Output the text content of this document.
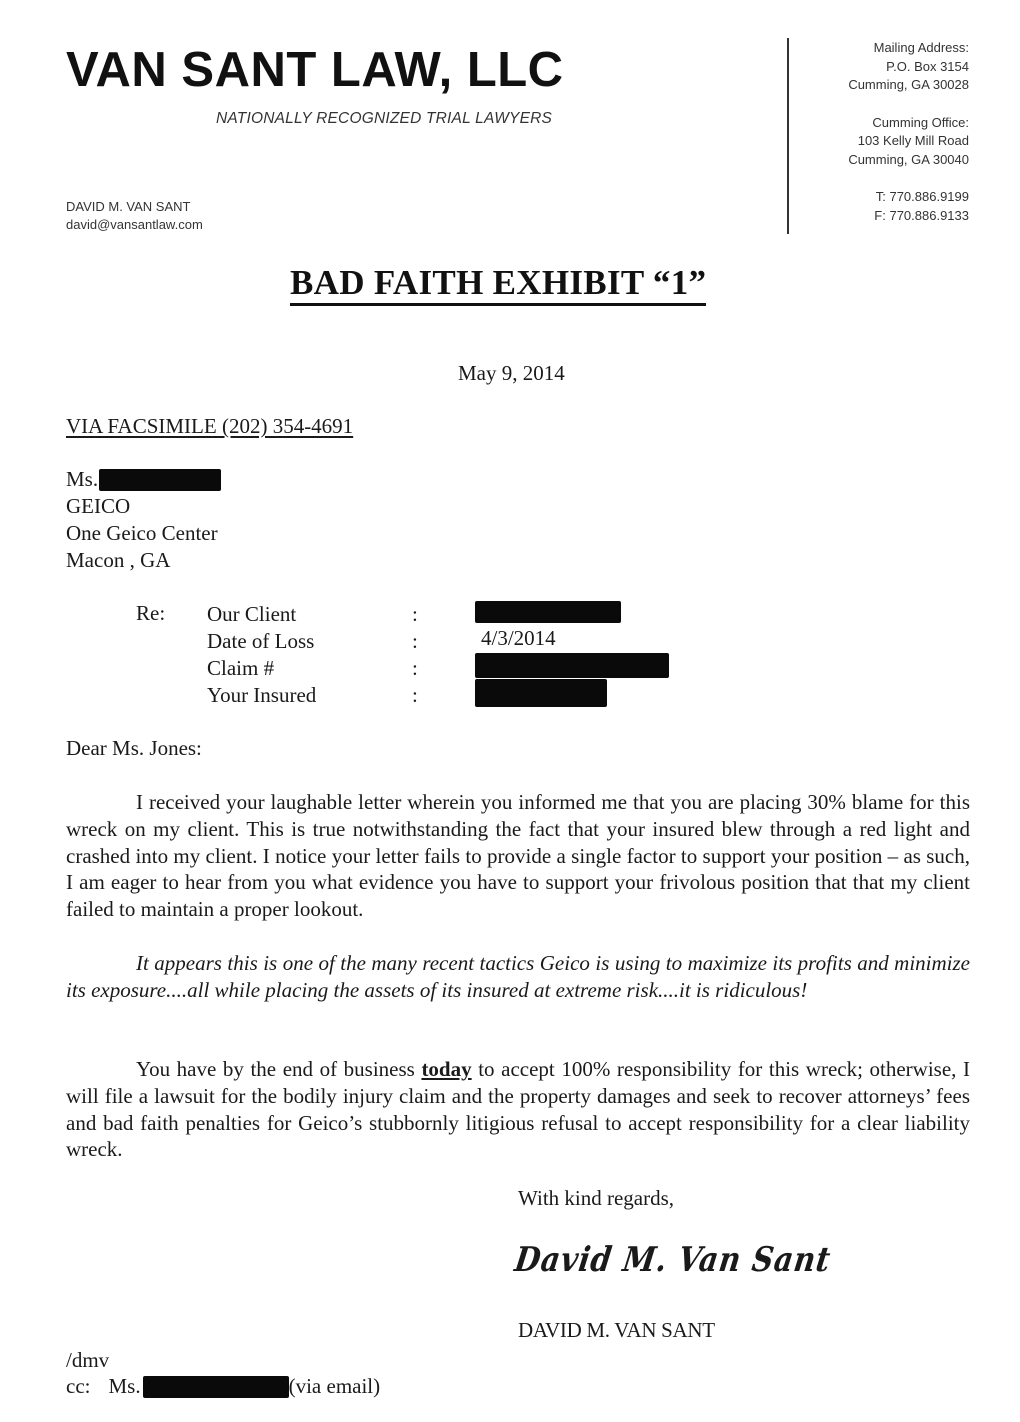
VAN SANT LAW, LLC
NATIONALLY RECOGNIZED TRIAL LAWYERS
DAVID M. VAN SANT
david@vansantlaw.com
Mailing Address:
P.O. Box 3154
Cumming, GA 30028
Cumming Office:
103 Kelly Mill Road
Cumming, GA 30040
T: 770.886.9199
F: 770.886.9133
BAD FAITH EXHIBIT “1”
May 9, 2014
VIA FACSIMILE (202) 354-4691
Ms.
GEICO
One Geico Center
Macon , GA
Re: Our Client
Date of Loss
Claim #
Your Insured
:
:
:
:
4/3/2014
Dear Ms. Jones:
I received your laughable letter wherein you informed me that you are placing 30% blame for this wreck on my client. This is true notwithstanding the fact that your insured blew through a red light and crashed into my client. I notice your letter fails to provide a single factor to support your position – as such, I am eager to hear from you what evidence you have to support your frivolous position that that my client failed to maintain a proper lookout.
It appears this is one of the many recent tactics Geico is using to maximize its profits and minimize its exposure....all while placing the assets of its insured at extreme risk....it is ridiculous!
You have by the end of business today to accept 100% responsibility for this wreck; otherwise, I will file a lawsuit for the bodily injury claim and the property damages and seek to recover attorneys’ fees and bad faith penalties for Geico’s stubbornly litigious refusal to accept responsibility for a clear liability wreck.
With kind regards,
David M. Van Sant
DAVID M. VAN SANT
/dmv
cc: Ms.	(via email)
